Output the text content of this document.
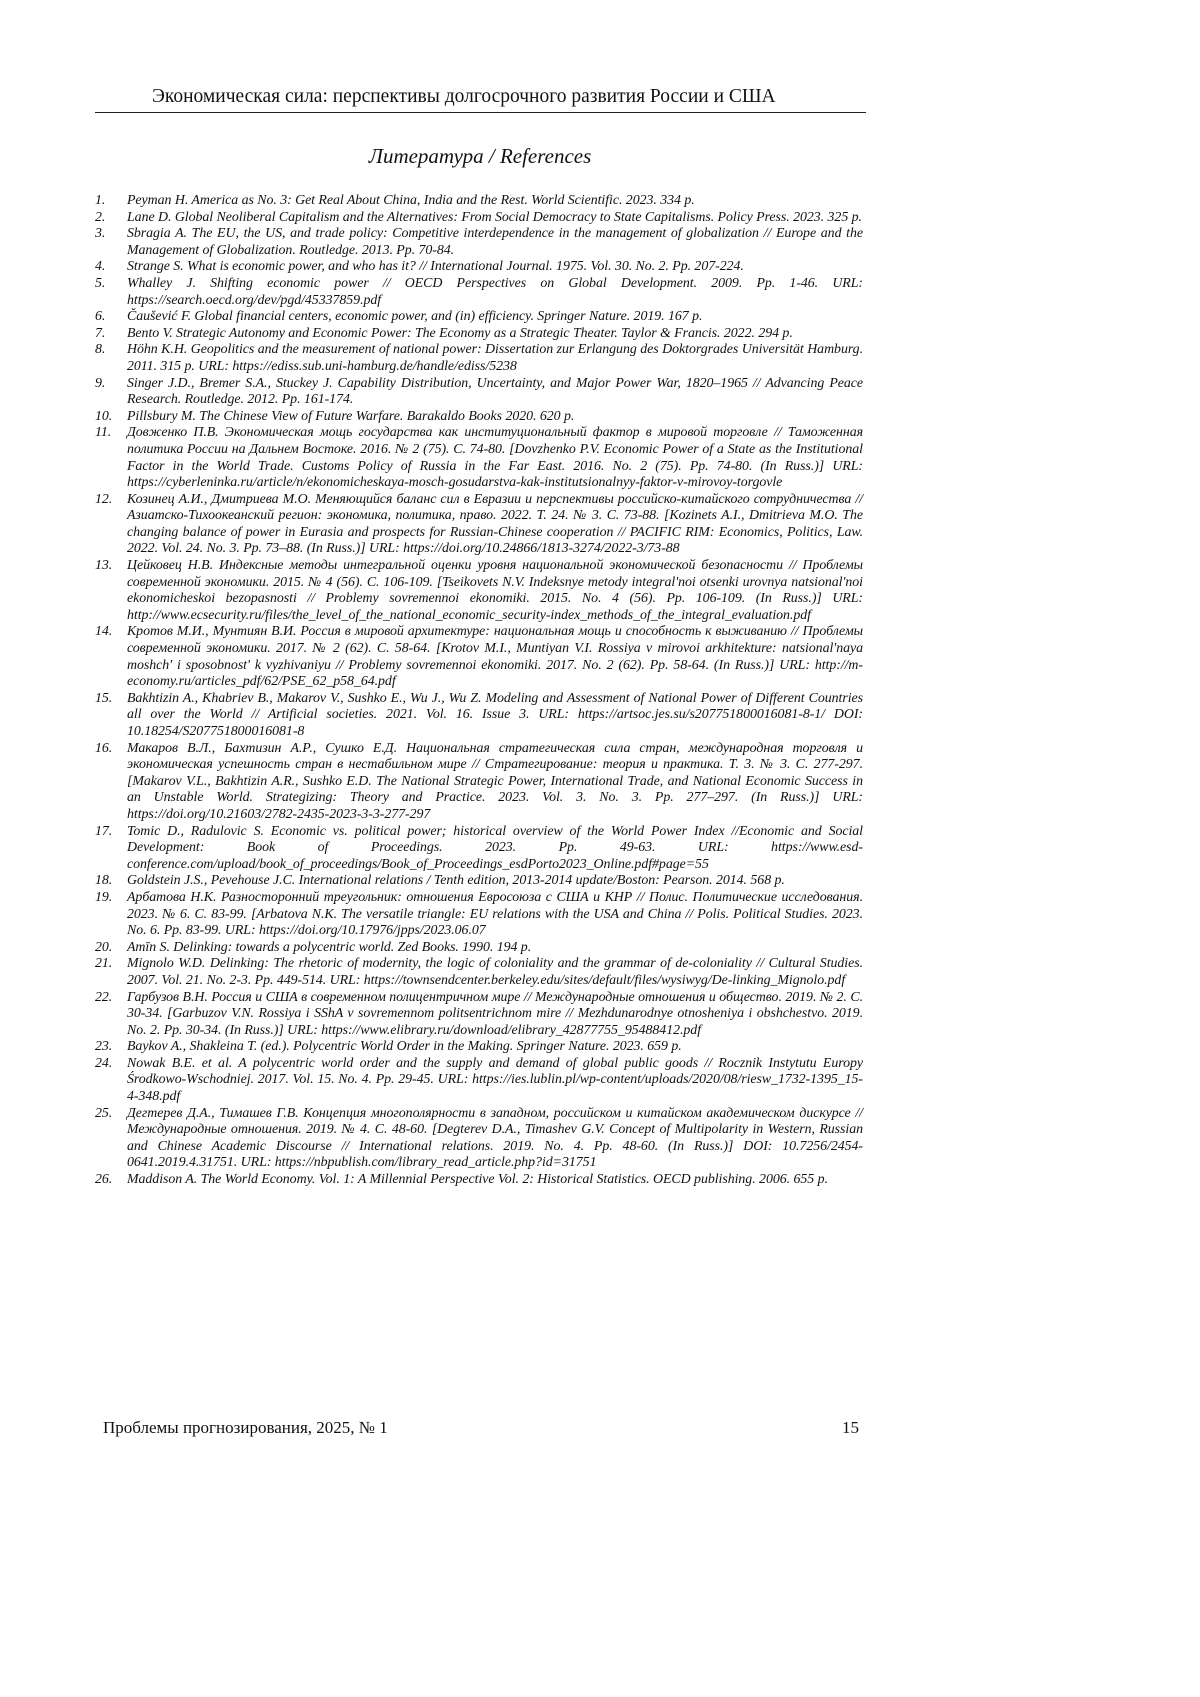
Экономическая сила: перспективы долгосрочного развития России и США
Литература / References
1.	Peyman H. America as No. 3: Get Real About China, India and the Rest. World Scientific. 2023. 334 p.
2.	Lane D. Global Neoliberal Capitalism and the Alternatives: From Social Democracy to State Capitalisms. Policy Press. 2023. 325 p.
3.	Sbragia A. The EU, the US, and trade policy: Competitive interdependence in the management of globalization // Europe and the Management of Globalization. Routledge. 2013. Pp. 70-84.
4.	Strange S. What is economic power, and who has it? // International Journal. 1975. Vol. 30. No. 2. Pp. 207-224.
5.	Whalley J. Shifting economic power // OECD Perspectives on Global Development. 2009. Pp. 1-46. URL: https://search.oecd.org/dev/pgd/45337859.pdf
6.	Čaušević F. Global financial centers, economic power, and (in) efficiency. Springer Nature. 2019. 167 p.
7.	Bento V. Strategic Autonomy and Economic Power: The Economy as a Strategic Theater. Taylor & Francis. 2022. 294 p.
8.	Höhn K.H. Geopolitics and the measurement of national power: Dissertation zur Erlangung des Doktorgrades Universität Hamburg. 2011. 315 p. URL: https://ediss.sub.uni-hamburg.de/handle/ediss/5238
9.	Singer J.D., Bremer S.A., Stuckey J. Capability Distribution, Uncertainty, and Major Power War, 1820–1965 // Advancing Peace Research. Routledge. 2012. Pp. 161-174.
10.	Pillsbury M. The Chinese View of Future Warfare. Barakaldo Books 2020. 620 p.
11.	Довженко П.В. Экономическая мощь государства как институциональный фактор в мировой торговле // Таможенная политика России на Дальнем Востоке. 2016. № 2 (75). С. 74-80. [Dovzhenko P.V. Economic Power of a State as the Institutional Factor in the World Trade. Customs Policy of Russia in the Far East. 2016. No. 2 (75). Pp. 74-80. (In Russ.)] URL: https://cyberleninka.ru/article/n/ekonomicheskaya-mosch-gosudarstva-kak-institutsionalnyy-faktor-v-mirovoy-torgovle
12.	Козинец А.И., Дмитриева М.О. Меняющийся баланс сил в Евразии и перспективы российско-китайского сотрудничества // Азиатско-Тихоокеанский регион: экономика, политика, право. 2022. Т. 24. № 3. С. 73-88. [Kozinets A.I., Dmitrieva M.O. The changing balance of power in Eurasia and prospects for Russian-Chinese cooperation // PACIFIC RIM: Economics, Politics, Law. 2022. Vol. 24. No. 3. Pp. 73–88. (In Russ.)] URL: https://doi.org/10.24866/1813-3274/2022-3/73-88
13.	Цейковец Н.В. Индексные методы интегральной оценки уровня национальной экономической безопасности // Проблемы современной экономики. 2015. № 4 (56). С. 106-109. [Tseikovets N.V. Indeksnye metody integral'noi otsenki urovnya natsional'noi ekonomicheskoi bezopasnosti // Problemy sovremennoi ekonomiki. 2015. No. 4 (56). Pp. 106-109. (In Russ.)] URL: http://www.ecsecurity.ru/files/the_level_of_the_national_economic_security-index_methods_of_the_integral_evaluation.pdf
14.	Кротов М.И., Мунтиян В.И. Россия в мировой архитектуре: национальная мощь и способность к выживанию // Проблемы современной экономики. 2017. № 2 (62). С. 58-64. [Krotov M.I., Muntiyan V.I. Rossiya v mirovoi arkhitekture: natsional'naya moshch' i sposobnost' k vyzhivaniyu // Problemy sovremennoi ekonomiki. 2017. No. 2 (62). Pp. 58-64. (In Russ.)] URL: http://m-economy.ru/articles_pdf/62/PSE_62_p58_64.pdf
15.	Bakhtizin A., Khabriev B., Makarov V., Sushko E., Wu J., Wu Z. Modeling and Assessment of National Power of Different Countries all over the World // Artificial societies. 2021. Vol. 16. Issue 3. URL: https://artsoc.jes.su/s207751800016081-8-1/ DOI: 10.18254/S207751800016081-8
16.	Макаров В.Л., Бахтизин А.Р., Сушко Е.Д. Национальная стратегическая сила стран, международная торговля и экономическая успешность стран в нестабильном мире // Стратегирование: теория и практика. Т. 3. № 3. С. 277-297. [Makarov V.L., Bakhtizin A.R., Sushko E.D. The National Strategic Power, International Trade, and National Economic Success in an Unstable World. Strategizing: Theory and Practice. 2023. Vol. 3. No. 3. Pp. 277–297. (In Russ.)] URL: https://doi.org/10.21603/2782-2435-2023-3-3-277-297
17.	Tomic D., Radulovic S. Economic vs. political power; historical overview of the World Power Index //Economic and Social Development: Book of Proceedings. 2023. Pp. 49-63. URL: https://www.esd-conference.com/upload/book_of_proceedings/Book_of_Proceedings_esdPorto2023_Online.pdf#page=55
18.	Goldstein J.S., Pevehouse J.C. International relations / Tenth edition, 2013-2014 update/Boston: Pearson. 2014. 568 p.
19.	Арбатова Н.К. Разносторонний треугольник: отношения Евросоюза с США и КНР // Полис. Политические исследования. 2023. № 6. С. 83-99. [Arbatova N.K. The versatile triangle: EU relations with the USA and China // Polis. Political Studies. 2023. No. 6. Pp. 83-99. URL: https://doi.org/10.17976/jpps/2023.06.07
20.	Amīn S. Delinking: towards a polycentric world. Zed Books. 1990. 194 p.
21.	Mignolo W.D. Delinking: The rhetoric of modernity, the logic of coloniality and the grammar of de-coloniality // Cultural Studies. 2007. Vol. 21. No. 2-3. Pp. 449-514. URL: https://townsendcenter.berkeley.edu/sites/default/files/wysiwyg/De-linking_Mignolo.pdf
22.	Гарбузов В.Н. Россия и США в современном полицентричном мире // Международные отношения и общество. 2019. № 2. С. 30-34. [Garbuzov V.N. Rossiya i SShA v sovremennom politsentrichnom mire // Mezhdunarodnye otnosheniya i obshchestvo. 2019. No. 2. Pp. 30-34. (In Russ.)] URL: https://www.elibrary.ru/download/elibrary_42877755_95488412.pdf
23.	Baykov A., Shakleina T. (ed.). Polycentric World Order in the Making. Springer Nature. 2023. 659 p.
24.	Nowak B.E. et al. A polycentric world order and the supply and demand of global public goods // Rocznik Instytutu Europy Środkowo-Wschodniej. 2017. Vol. 15. No. 4. Pp. 29-45. URL: https://ies.lublin.pl/wp-content/uploads/2020/08/riesw_1732-1395_15-4-348.pdf
25.	Дегтерев Д.А., Тимашев Г.В. Концепция многополярности в западном, российском и китайском академическом дискурсе // Международные отношения. 2019. № 4. С. 48-60. [Degterev D.A., Timashev G.V. Concept of Multipolarity in Western, Russian and Chinese Academic Discourse // International relations. 2019. No. 4. Pp. 48-60. (In Russ.)] DOI: 10.7256/2454-0641.2019.4.31751. URL: https://nbpublish.com/library_read_article.php?id=31751
26.	Maddison A. The World Economy. Vol. 1: A Millennial Perspective Vol. 2: Historical Statistics. OECD publishing. 2006. 655 p.
Проблемы прогнозирования, 2025, № 1	15
